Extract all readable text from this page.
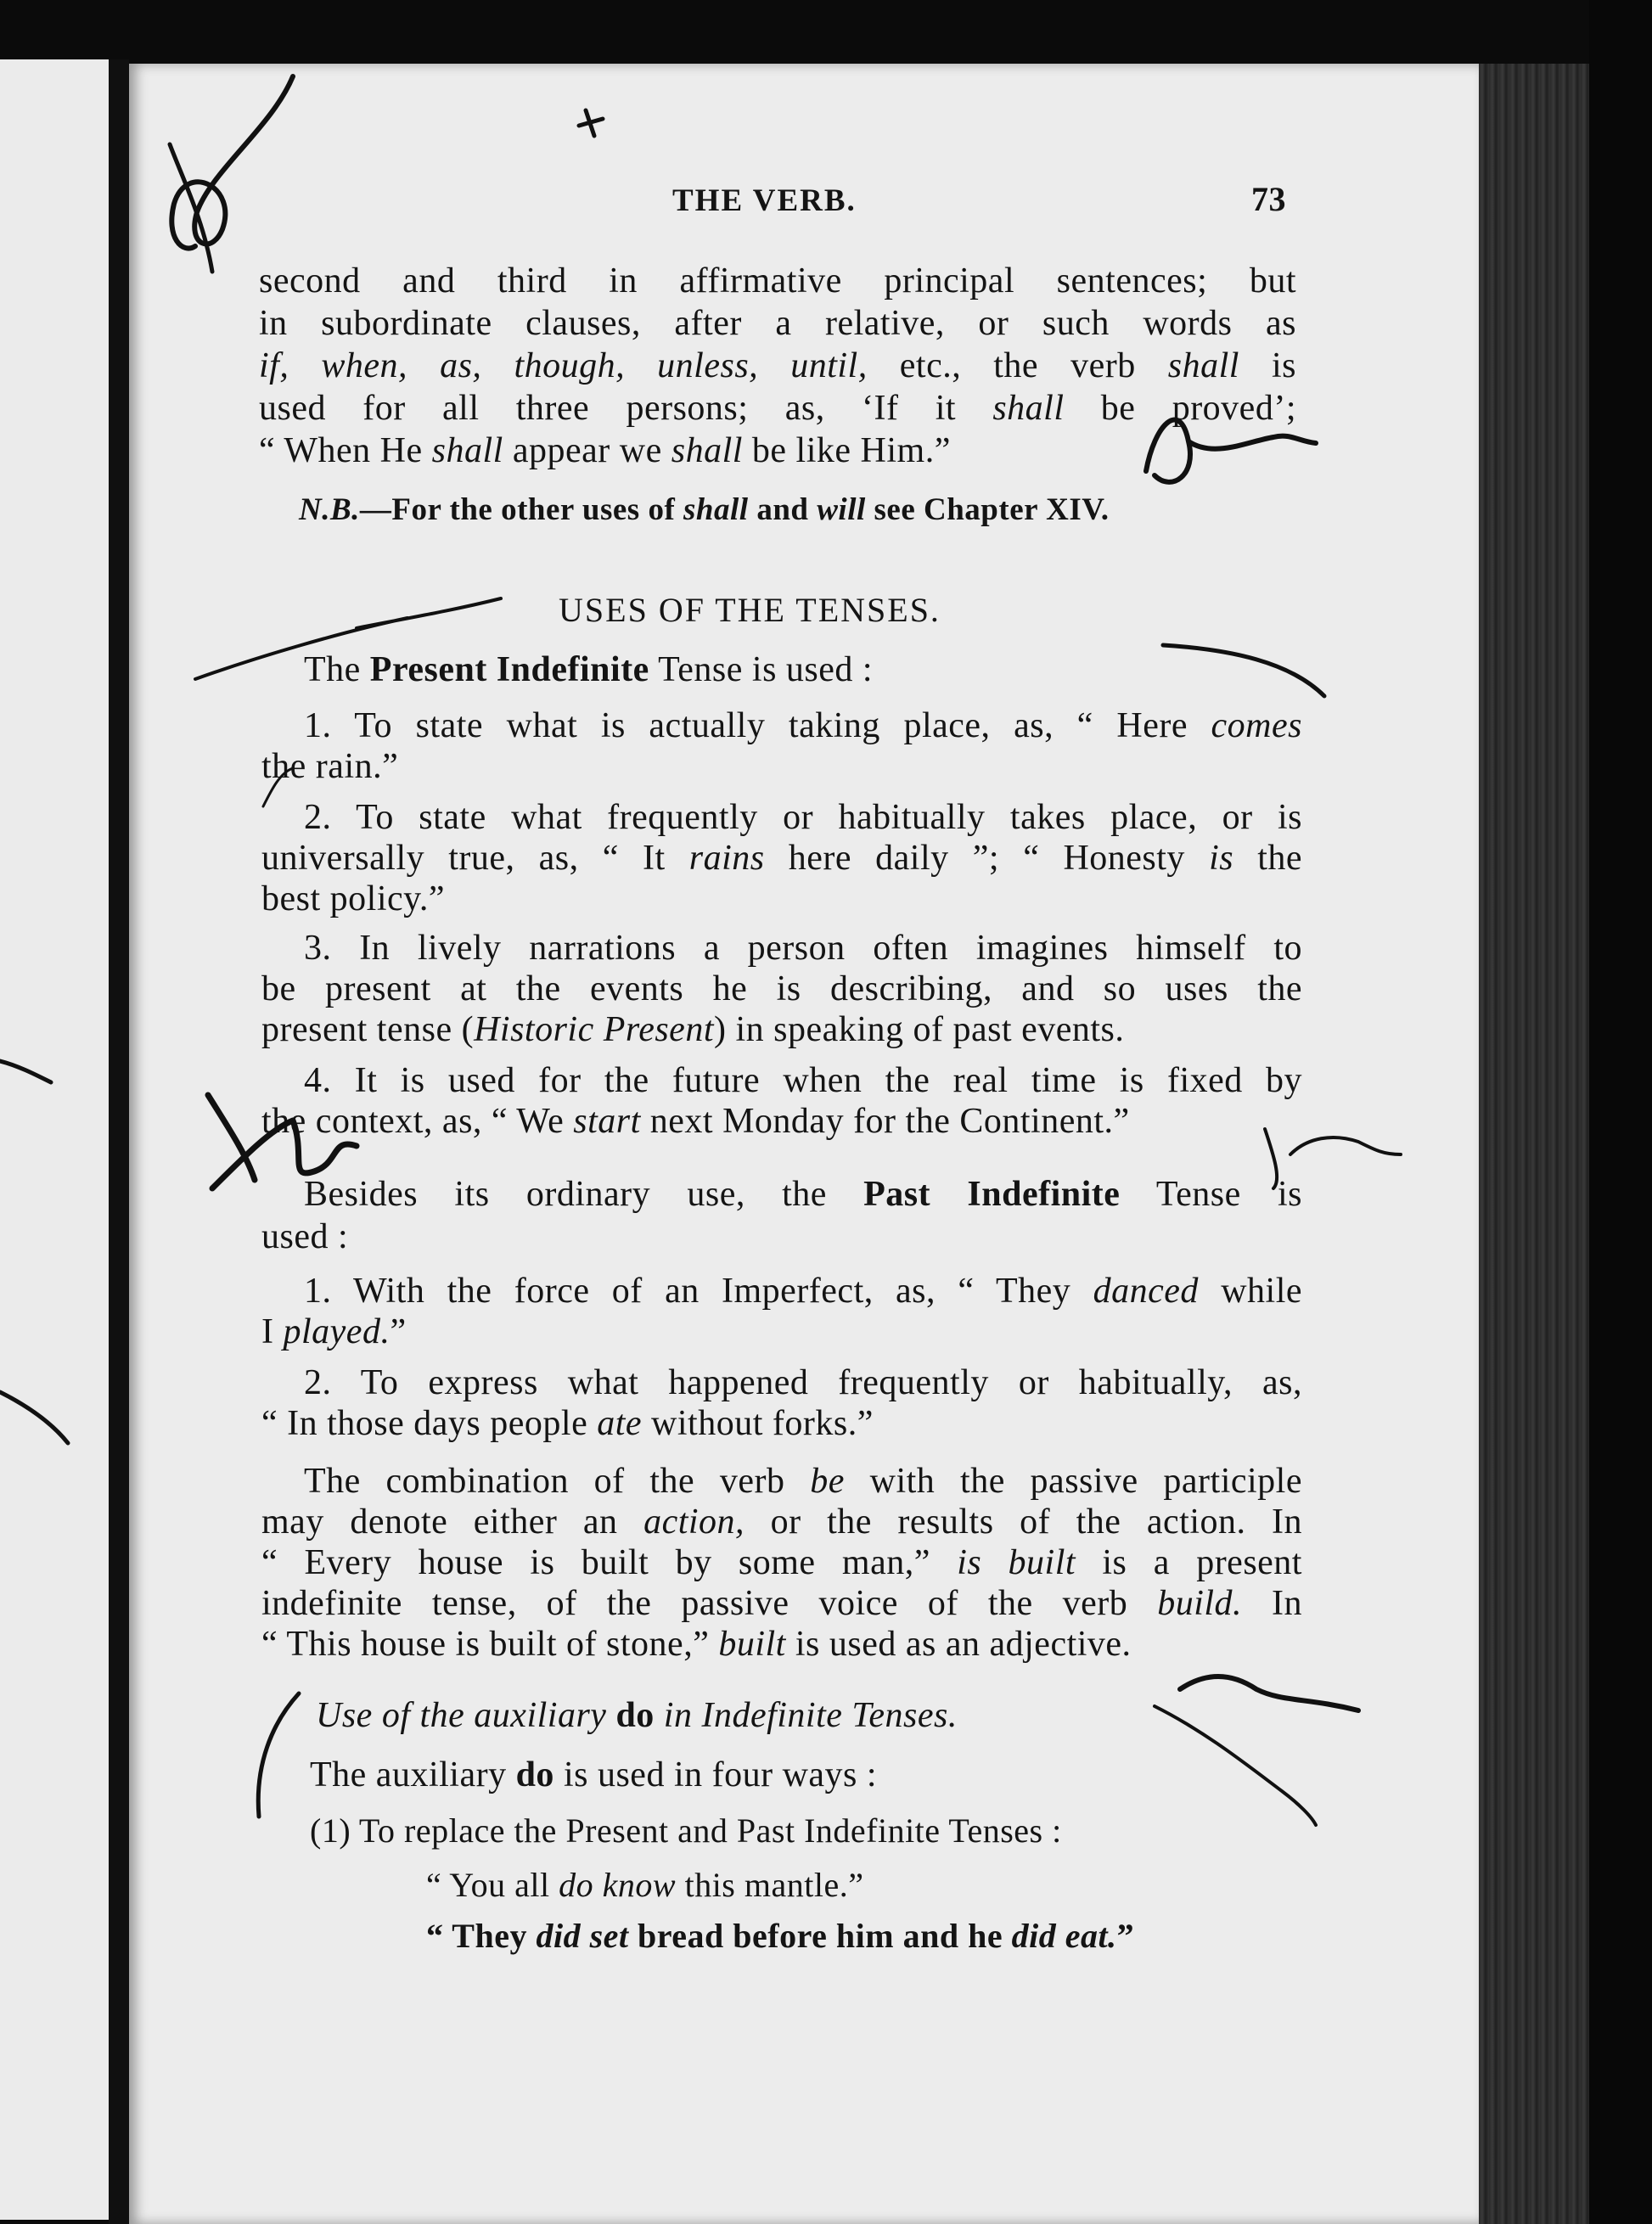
THE VERB.	73
second and third in affirmative principal sentences; but
in subordinate clauses, after a relative, or such words as
if, when, as, though, unless, until, etc., the verb shall is
used for all three persons; as, ‘If it shall be proved’;
“ When He shall appear we shall be like Him.”
N.B.—For the other uses of shall and will see Chapter XIV.
USES OF THE TENSES.
The Present Indefinite Tense is used :
1. To state what is actually taking place, as, “ Here comes
the rain.”
2. To state what frequently or habitually takes place, or is
universally true, as, “ It rains here daily ”; “ Honesty is the
best policy.”
3. In lively narrations a person often imagines himself to
be present at the events he is describing, and so uses the
present tense (Historic Present) in speaking of past events.
4. It is used for the future when the real time is fixed by
the context, as, “ We start next Monday for the Continent.”
Besides its ordinary use, the Past Indefinite Tense is
used :
1. With the force of an Imperfect, as, “ They danced while
I played.”
2. To express what happened frequently or habitually, as,
“ In those days people ate without forks.”
The combination of the verb be with the passive participle
may denote either an action, or the results of the action. In
“ Every house is built by some man,” is built is a present
indefinite tense, of the passive voice of the verb build. In
“ This house is built of stone,” built is used as an adjective.
Use of the auxiliary do in Indefinite Tenses.
The auxiliary do is used in four ways :
(1) To replace the Present and Past Indefinite Tenses :
“ You all do know this mantle.”
“ They did set bread before him and he did eat.”
